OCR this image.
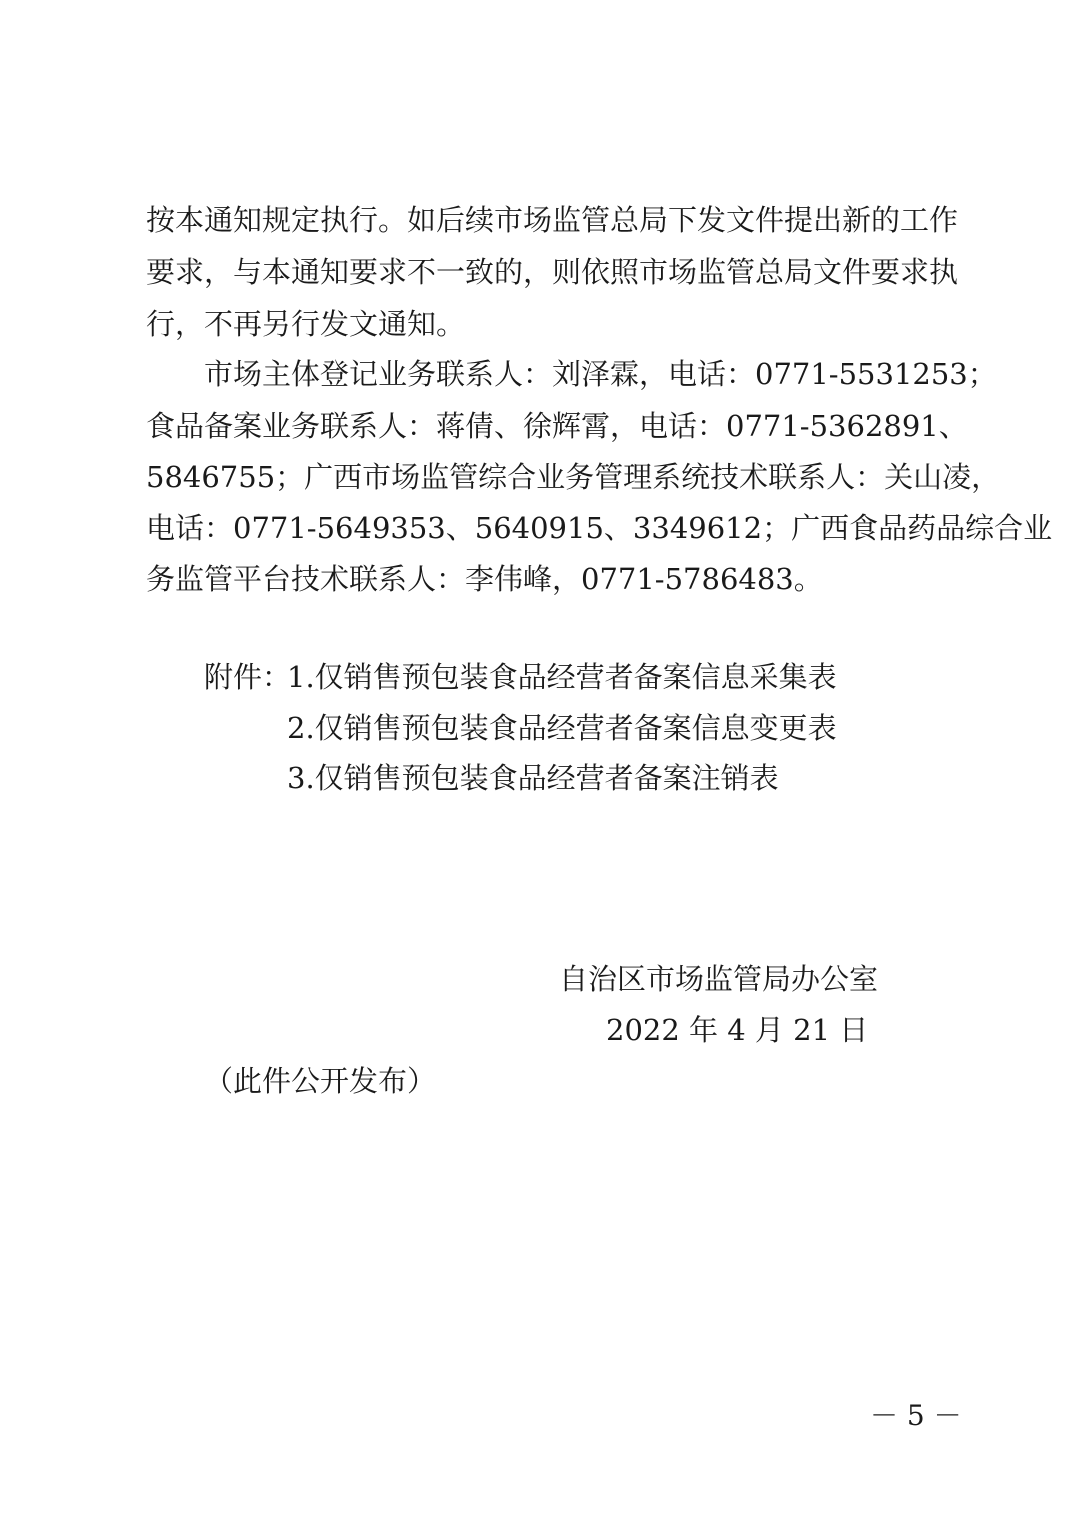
按本通知规定执行。如后续市场监管总局下发文件提出新的工作
要求，与本通知要求不一致的，则依照市场监管总局文件要求执
行，不再另行发文通知。
市场主体登记业务联系人：刘泽霖，电话：0771-5531253；
食品备案业务联系人：蒋倩、徐辉霄，电话：0771-5362891、
5846755；广西市场监管综合业务管理系统技术联系人：关山凌，
电话：0771-5649353、5640915、3349612；广西食品药品综合业
务监管平台技术联系人：李伟峰，0771-5786483。
附件：
1.仅销售预包装食品经营者备案信息采集表
2.仅销售预包装食品经营者备案信息变更表
3.仅销售预包装食品经营者备案注销表
自治区市场监管局办公室
2022 年 4 月 21 日
（此件公开发布）
－ 5 －
